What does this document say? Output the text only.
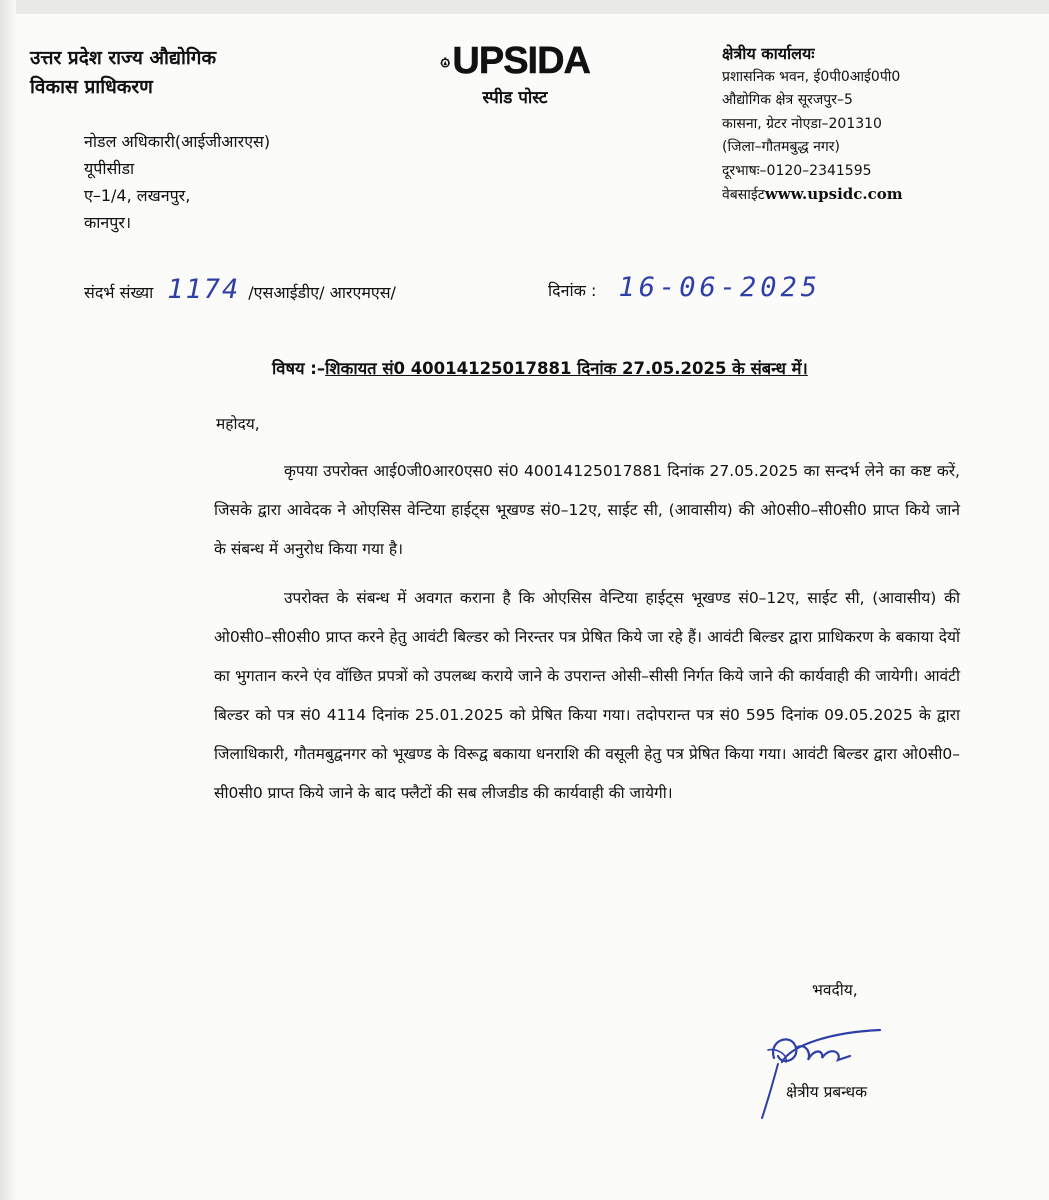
उत्तर प्रदेश राज्य औद्योगिक
विकास प्राधिकरण
UPSIDA
स्पीड पोस्ट
क्षेत्रीय कार्यालयः
प्रशासनिक भवन, ई0पी0आई0पी0
औद्योगिक क्षेत्र सूरजपुर–5
कासना, ग्रेटर नोएडा–201310
(जिला–गौतमबुद्ध नगर)
दूरभाषः–0120–2341595
वेबसाईटwww.upsidc.com
नोडल अधिकारी(आईजीआरएस)
यूपीसीडा
ए–1/4, लखनपुर,
कानपुर।
संदर्भ संख्या 1174 /एसआईडीए/ आरएमएस/	दिनांक : 16-06-2025
विषय :–शिकायत सं0 40014125017881 दिनांक 27.05.2025 के संबन्ध में।
महोदय,
कृपया उपरोक्त आई0जी0आर0एस0 सं0 40014125017881 दिनांक 27.05.2025 का सन्दर्भ लेने का कष्ट करें, जिसके द्वारा आवेदक ने ओएसिस वेन्टिया हाईट्स भूखण्ड सं0–12ए, साईट सी, (आवासीय) की ओ0सी0–सी0सी0 प्राप्त किये जाने के संबन्ध में अनुरोध किया गया है।
उपरोक्त के संबन्ध में अवगत कराना है कि ओएसिस वेन्टिया हाईट्स भूखण्ड सं0–12ए, साईट सी, (आवासीय) की ओ0सी0–सी0सी0 प्राप्त करने हेतु आवंटी बिल्डर को निरन्तर पत्र प्रेषित किये जा रहे हैं। आवंटी बिल्डर द्वारा प्राधिकरण के बकाया देयों का भुगतान करने एंव वॉछित प्रपत्रों को उपलब्ध कराये जाने के उपरान्त ओसी–सीसी निर्गत किये जाने की कार्यवाही की जायेगी। आवंटी बिल्डर को पत्र सं0 4114 दिनांक 25.01.2025 को प्रेषित किया गया। तदोपरान्त पत्र सं0 595 दिनांक 09.05.2025 के द्वारा जिलाधिकारी, गौतमबुद्वनगर को भूखण्ड के विरूद्व बकाया धनराशि की वसूली हेतु पत्र प्रेषित किया गया। आवंटी बिल्डर द्वारा ओ0सी0–सी0सी0 प्राप्त किये जाने के बाद फ्लैटों की सब लीजडीड की कार्यवाही की जायेगी।
भवदीय,
क्षेत्रीय प्रबन्धक
